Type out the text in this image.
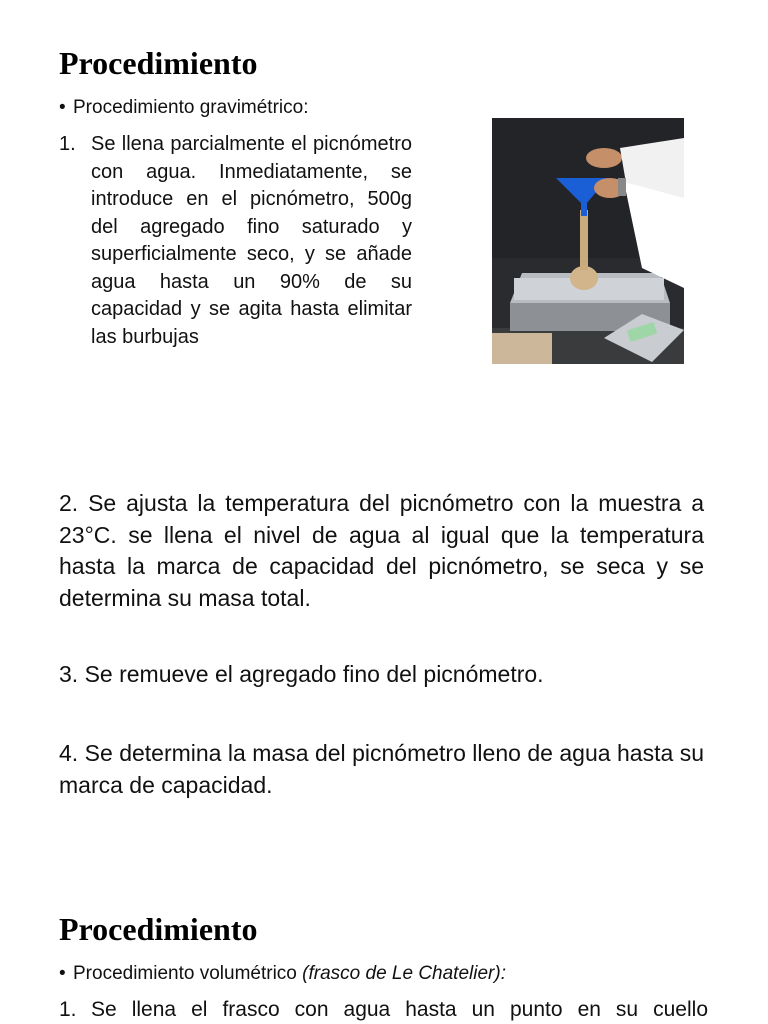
Procedimiento
• Procedimiento gravimétrico:
1. Se llena parcialmente el picnómetro con agua. Inmediatamente, se introduce en el picnómetro, 500g del agregado fino saturado y superficialmente seco, y se añade agua hasta un 90% de su capacidad y se agita hasta elimitar las burbujas
2. Se ajusta la temperatura del picnómetro con la muestra a 23°C. se llena el nivel de agua al igual que la temperatura hasta la marca de capacidad del picnómetro, se seca y se determina su masa total.
3. Se remueve el agregado fino del picnómetro.
4. Se determina la masa del picnómetro lleno de agua hasta su marca de capacidad.
Procedimiento
• Procedimiento volumétrico (frasco de Le Chatelier):
1. Se llena el frasco con agua hasta un punto en su cuello
